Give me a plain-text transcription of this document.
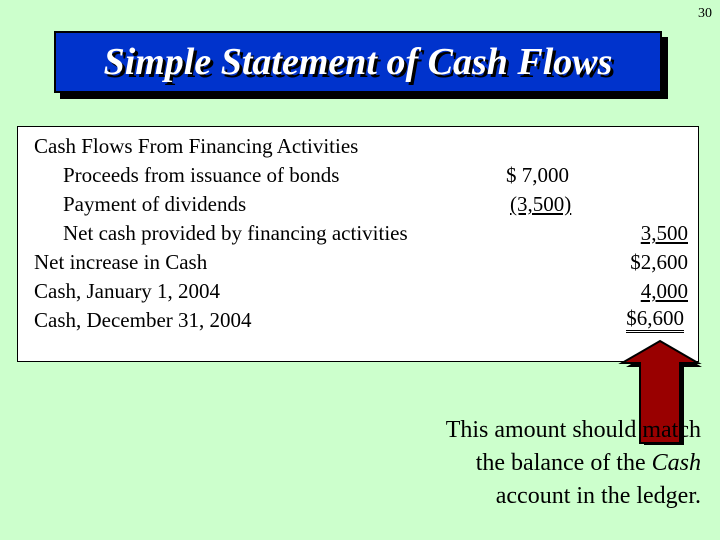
30
Simple Statement of Cash Flows
Cash Flows From Financing Activities
Proceeds from issuance of bonds	$ 7,000
Payment of dividends	(3,500)
Net cash provided by financing activities	3,500
Net increase in Cash	$2,600
Cash, January 1, 2004	4,000
Cash, December 31, 2004	$6,600
This amount should match
the balance of the Cash
account in the ledger.
